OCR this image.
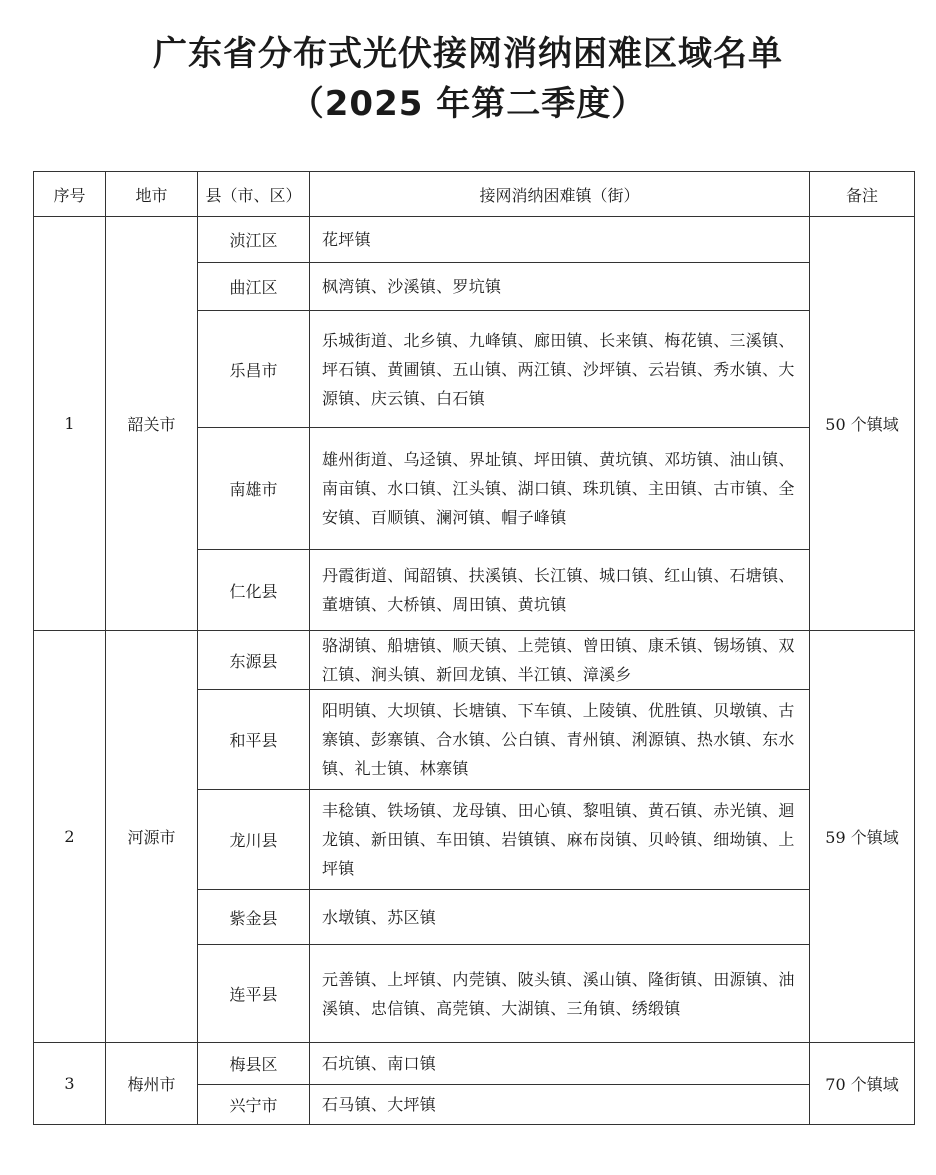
广东省分布式光伏接网消纳困难区域名单
（2025 年第二季度）
序号	地市	县（市、区）	接网消纳困难镇（街）	备注
1	韶关市	浈江区	花坪镇	50 个镇域
		曲江区	枫湾镇、沙溪镇、罗坑镇	
		乐昌市	乐城街道、北乡镇、九峰镇、廊田镇、长来镇、梅花镇、三溪镇、坪石镇、黄圃镇、五山镇、两江镇、沙坪镇、云岩镇、秀水镇、大源镇、庆云镇、白石镇	
		南雄市	雄州街道、乌迳镇、界址镇、坪田镇、黄坑镇、邓坊镇、油山镇、南亩镇、水口镇、江头镇、湖口镇、珠玑镇、主田镇、古市镇、全安镇、百顺镇、澜河镇、帽子峰镇	
		仁化县	丹霞街道、闻韶镇、扶溪镇、长江镇、城口镇、红山镇、石塘镇、董塘镇、大桥镇、周田镇、黄坑镇	
2	河源市	东源县	骆湖镇、船塘镇、顺天镇、上莞镇、曾田镇、康禾镇、锡场镇、双江镇、涧头镇、新回龙镇、半江镇、漳溪乡	59 个镇域
		和平县	阳明镇、大坝镇、长塘镇、下车镇、上陵镇、优胜镇、贝墩镇、古寨镇、彭寨镇、合水镇、公白镇、青州镇、浰源镇、热水镇、东水镇、礼士镇、林寨镇	
		龙川县	丰稔镇、铁场镇、龙母镇、田心镇、黎咀镇、黄石镇、赤光镇、迴龙镇、新田镇、车田镇、岩镇镇、麻布岗镇、贝岭镇、细坳镇、上坪镇	
		紫金县	水墩镇、苏区镇	
		连平县	元善镇、上坪镇、内莞镇、陂头镇、溪山镇、隆街镇、田源镇、油溪镇、忠信镇、高莞镇、大湖镇、三角镇、绣缎镇	
3	梅州市	梅县区	石坑镇、南口镇	70 个镇域
		兴宁市	石马镇、大坪镇	
